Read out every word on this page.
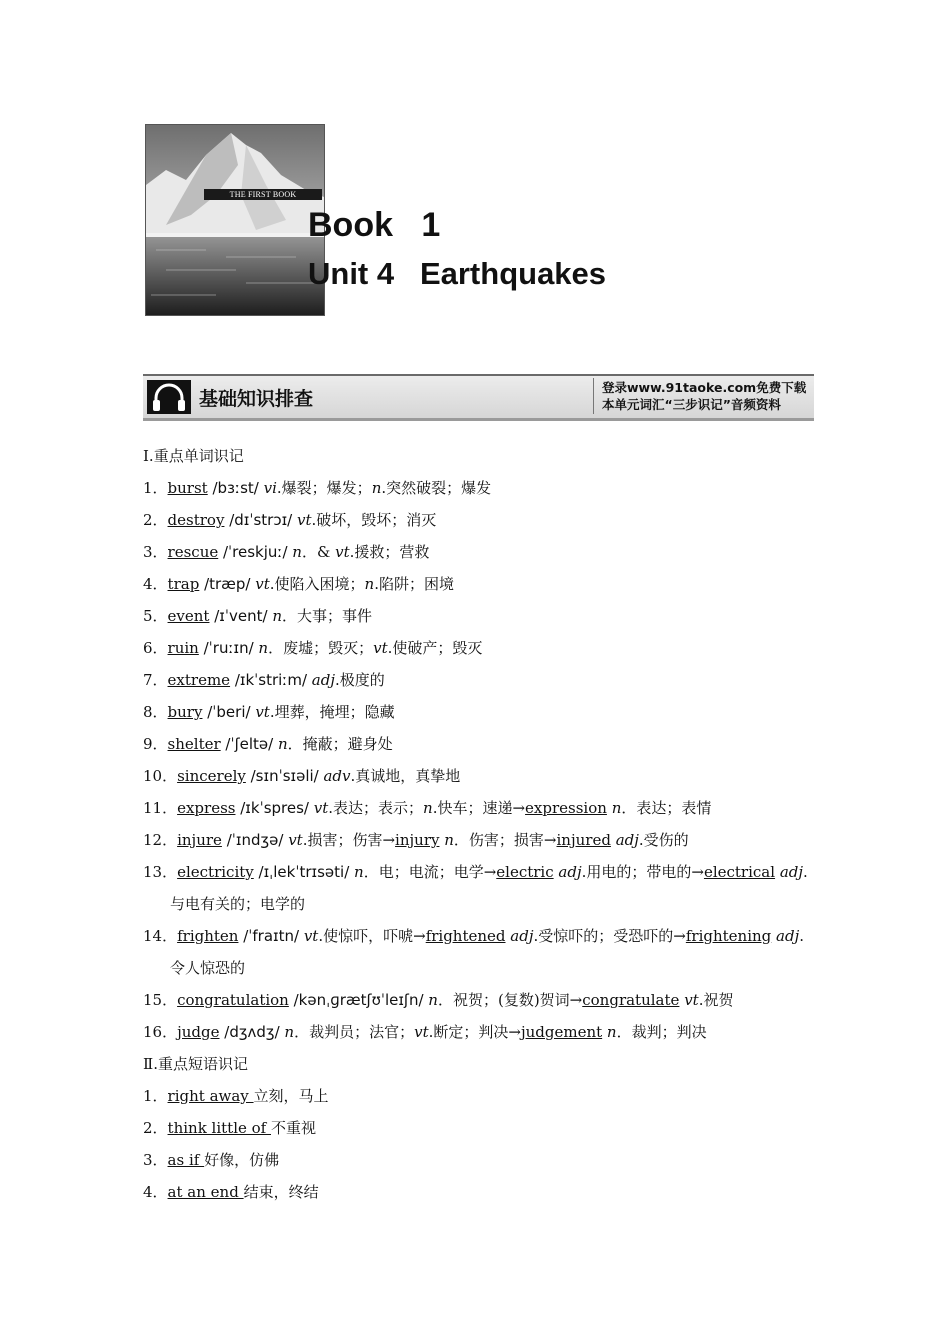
THE FIRST BOOK
Book   1
Unit 4   Earthquakes
基础知识排查
登录www.91taoke.com免费下载
本单元词汇“三步识记”音频资料
Ⅰ.重点单词识记
1．burst /bɜːst/ vi.爆裂；爆发；n.突然破裂；爆发
2．destroy /dɪˈstrɔɪ/ vt.破坏，毁坏；消灭
3．rescue /ˈreskjuː/ n．& vt.援救；营救
4．trap /træp/ vt.使陷入困境；n.陷阱；困境
5．event /ɪˈvent/ n．大事；事件
6．ruin /ˈruːɪn/ n．废墟；毁灭；vt.使破产；毁灭
7．extreme /ɪkˈstriːm/ adj.极度的
8．bury /ˈberi/ vt.埋葬，掩埋；隐藏
9．shelter /ˈʃeltə/ n．掩蔽；避身处
10．sincerely /sɪnˈsɪəli/ adv.真诚地，真挚地
11．express /ɪkˈspres/ vt.表达；表示；n.快车；速递→expression n．表达；表情
12．injure /ˈɪndʒə/ vt.损害；伤害→injury n．伤害；损害→injured adj.受伤的
13．electricity /ɪˌlekˈtrɪsəti/ n．电；电流；电学→electric adj.用电的；带电的→electrical adj.
与电有关的；电学的
14．frighten /ˈfraɪtn/ vt.使惊吓，吓唬→frightened adj.受惊吓的；受恐吓的→frightening adj.
令人惊恐的
15．congratulation /kənˌɡrætʃʊˈleɪʃn/ n．祝贺；(复数)贺词→congratulate vt.祝贺
16．judge /dʒʌdʒ/ n．裁判员；法官；vt.断定；判决→judgement n．裁判；判决
Ⅱ.重点短语识记
1．right away 立刻，马上
2．think little of 不重视
3．as if 好像，仿佛
4．at an end 结束，终结
